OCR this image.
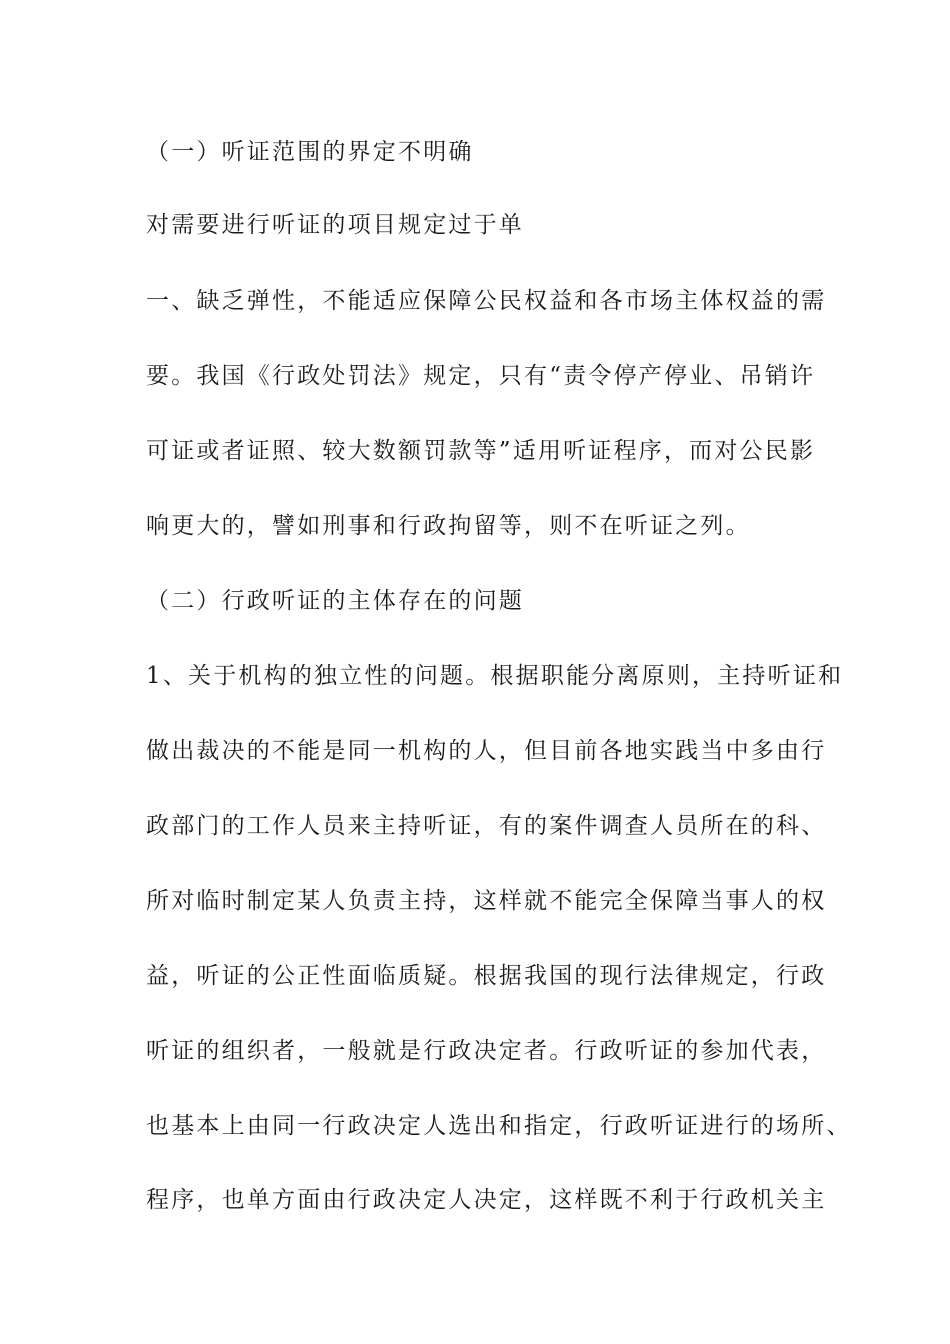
（一）听证范围的界定不明确
对需要进行听证的项目规定过于单
一、缺乏弹性，不能适应保障公民权益和各市场主体权益的需
要。我国《行政处罚法》规定，只有“责令停产停业、吊销许
可证或者证照、较大数额罚款等”适用听证程序，而对公民影
响更大的，譬如刑事和行政拘留等，则不在听证之列。
（二）行政听证的主体存在的问题
1、关于机构的独立性的问题。根据职能分离原则，主持听证和
做出裁决的不能是同一机构的人，但目前各地实践当中多由行
政部门的工作人员来主持听证，有的案件调查人员所在的科、
所对临时制定某人负责主持，这样就不能完全保障当事人的权
益，听证的公正性面临质疑。根据我国的现行法律规定，行政
听证的组织者，一般就是行政决定者。行政听证的参加代表，
也基本上由同一行政决定人选出和指定，行政听证进行的场所、
程序，也单方面由行政决定人决定，这样既不利于行政机关主
